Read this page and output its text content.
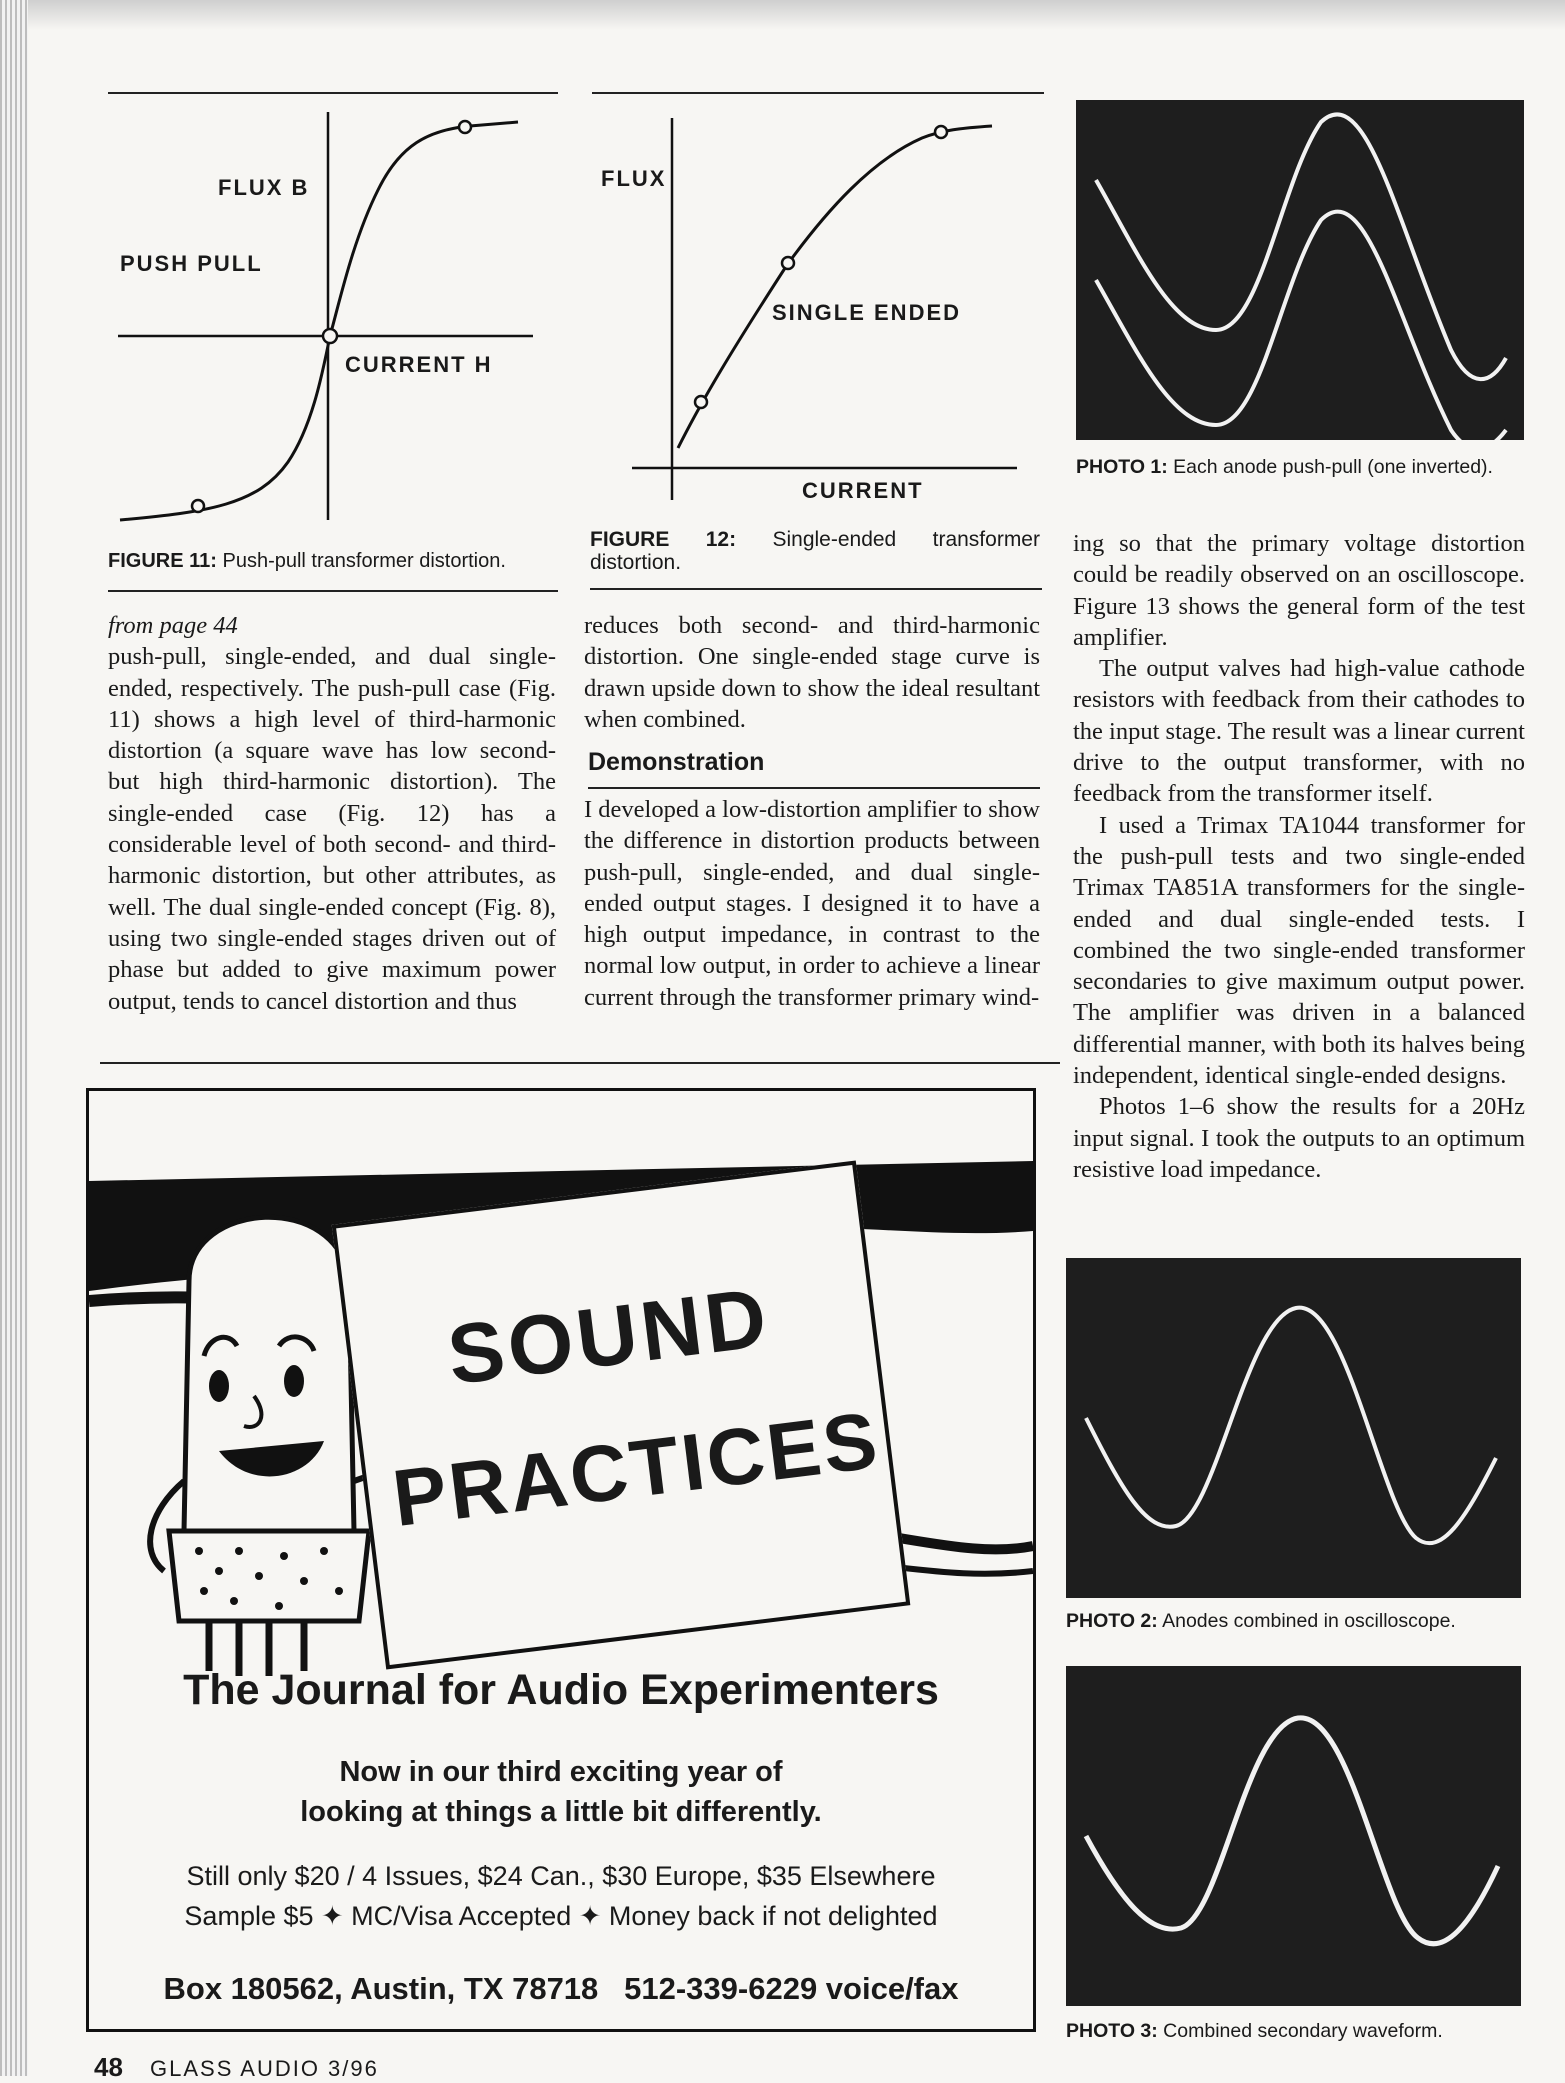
FLUX B
PUSH PULL
CURRENT H
FIGURE 11: Push-pull transformer distortion.
FLUX
SINGLE ENDED
CURRENT
FIGURE 12: Single-ended transformer distortion.
PHOTO 1: Each anode push-pull (one inverted).

from page 44

push-pull, single-ended, and dual single-ended, respectively. The push-pull case (Fig. 11) shows a high level of third-harmonic distortion (a square wave has low second- but high third-harmonic distortion). The single-ended case (Fig. 12) has a considerable level of both second- and third-harmonic distortion, but other attributes, as well. The dual single-ended concept (Fig. 8), using two single-ended stages driven out of phase but added to give maximum power output, tends to cancel distortion and thus

reduces both second- and third-harmonic distortion. One single-ended stage curve is drawn upside down to show the ideal resultant when combined.

Demonstration

I developed a low-distortion amplifier to show the difference in distortion products between push-pull, single-ended, and dual single-ended output stages. I designed it to have a high output impedance, in contrast to the normal low output, in order to achieve a linear current through the transformer primary wind-

ing so that the primary voltage distortion could be readily observed on an oscilloscope. Figure 13 shows the general form of the test amplifier.

The output valves had high-value cathode resistors with feedback from their cathodes to the input stage. The result was a linear current drive to the output transformer, with no feedback from the transformer itself.

I used a Trimax TA1044 transformer for the push-pull tests and two single-ended Trimax TA851A transformers for the single-ended and dual single-ended tests. I combined the two single-ended transformer secondaries to give maximum output power. The amplifier was driven in a balanced differential manner, with both its halves being independent, identical single-ended designs.

Photos 1–6 show the results for a 20Hz input signal. I took the outputs to an optimum resistive load impedance.

PHOTO 2: Anodes combined in oscilloscope.
PHOTO 3: Combined secondary waveform.
SOUND
PRACTICES
The Journal for Audio Experimenters
Now in our third exciting year of
looking at things a little bit differently.
Still only $20 / 4 Issues, $24 Can., $30 Europe, $35 Elsewhere
Sample $5 ✦ MC/Visa Accepted ✦ Money back if not delighted
Box 180562, Austin, TX 78718   512-339-6229 voice/fax
48 GLASS AUDIO 3/96
